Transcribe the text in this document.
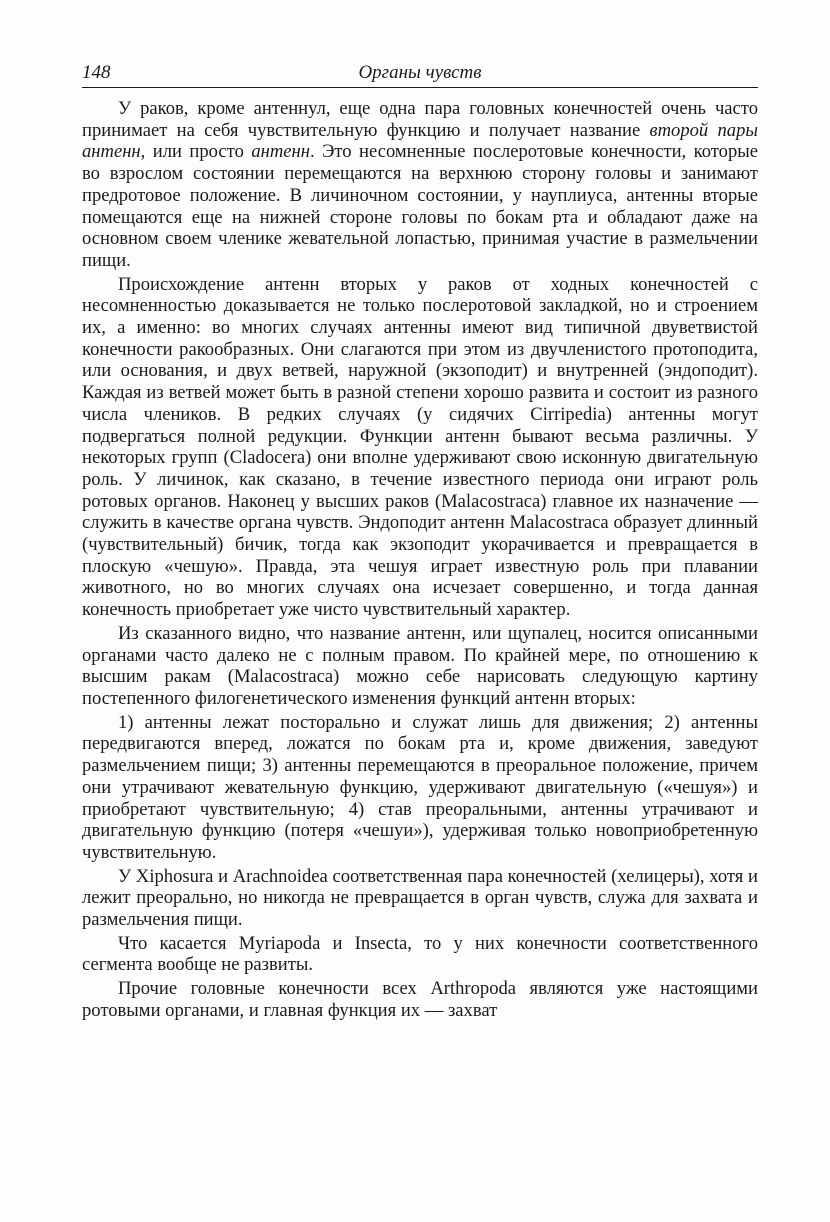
148	Органы чувств

У раков, кроме антеннул, еще одна пара головных конечностей очень часто принимает на себя чувствительную функцию и получает название второй пары антенн, или просто антенн. Это несомненные послеротовые конечности, которые во взрослом состоянии перемещаются на верхнюю сторону головы и занимают предротовое положение. В личиночном состоянии, у науплиуса, антенны вторые помещаются еще на нижней стороне головы по бокам рта и обладают даже на основном своем членике жевательной лопастью, принимая участие в размельчении пищи.

Происхождение антенн вторых у раков от ходных конечностей с несомненностью доказывается не только послеротовой закладкой, но и строением их, а именно: во многих случаях антенны имеют вид типичной двуветвистой конечности ракообразных. Они слагаются при этом из двучленистого протоподита, или основания, и двух ветвей, наружной (экзоподит) и внутренней (эндоподит). Каждая из ветвей может быть в разной степени хорошо развита и состоит из разного числа члеников. В редких случаях (у сидячих Cirripedia) антенны могут подвергаться полной редукции. Функции антенн бывают весьма различны. У некоторых групп (Cladocera) они вполне удерживают свою исконную двигательную роль. У личинок, как сказано, в течение известного периода они играют роль ротовых органов. Наконец у высших раков (Malacostraca) главное их назначение — служить в качестве органа чувств. Эндоподит антенн Malacostraca образует длинный (чувствительный) бичик, тогда как экзоподит укорачивается и превращается в плоскую «чешую». Правда, эта чешуя играет известную роль при плавании животного, но во многих случаях она исчезает совершенно, и тогда данная конечность приобретает уже чисто чувствительный характер.

Из сказанного видно, что название антенн, или щупалец, носится описанными органами часто далеко не с полным правом. По крайней мере, по отношению к высшим ракам (Malacostraca) можно себе нарисовать следующую картину постепенного филогенетического изменения функций антенн вторых:

1) антенны лежат посторально и служат лишь для движения; 2) антенны передвигаются вперед, ложатся по бокам рта и, кроме движения, заведуют размельчением пищи; 3) антенны перемещаются в преоральное положение, причем они утрачивают жевательную функцию, удерживают двигательную («чешуя») и приобретают чувствительную; 4) став преоральными, антенны утрачивают и двигательную функцию (потеря «чешуи»), удерживая только новоприобретенную чувствительную.

У Xiphosura и Arachnoidea соответственная пара конечностей (хелицеры), хотя и лежит преорально, но никогда не превращается в орган чувств, служа для захвата и размельчения пищи.

Что касается Myriapoda и Insecta, то у них конечности соответственного сегмента вообще не развиты.

Прочие головные конечности всех Arthropoda являются уже настоящими ротовыми органами, и главная функция их — захват
